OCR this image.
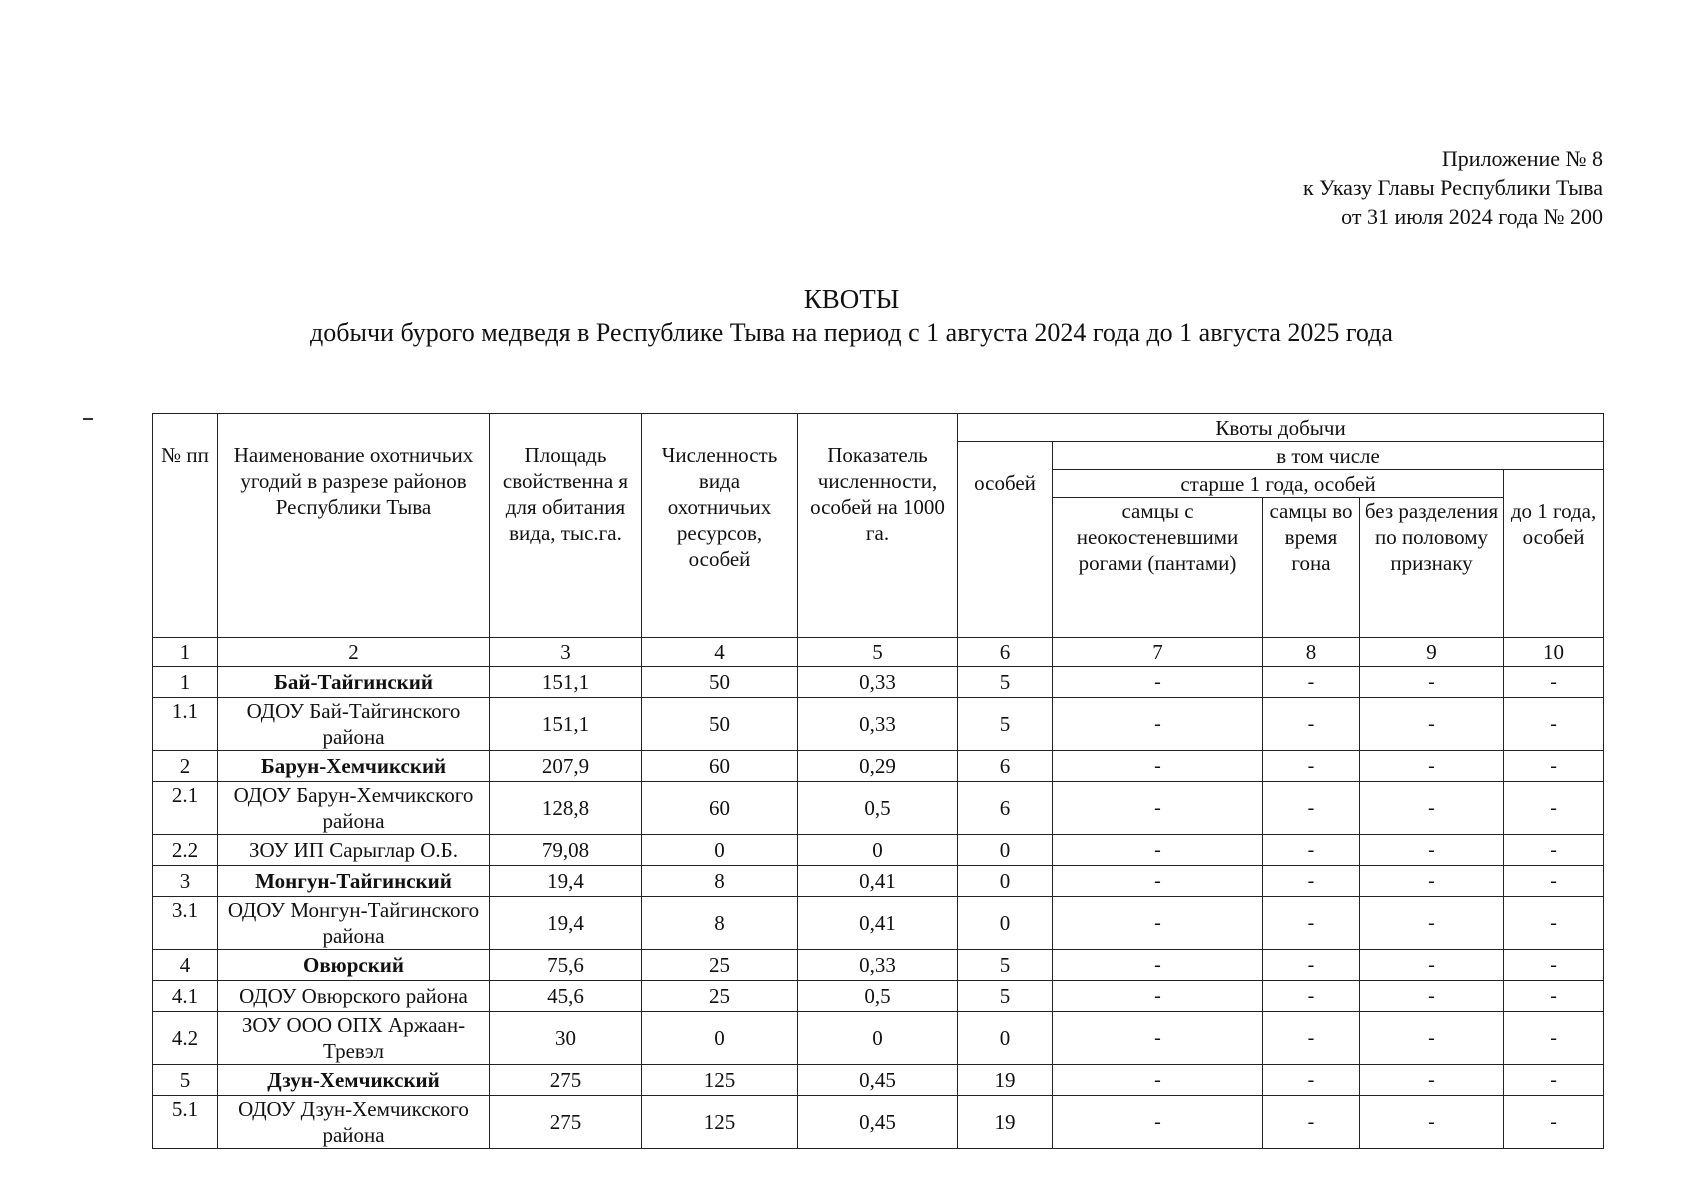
Приложение № 8
к Указу Главы Республики Тыва
от 31 июля 2024 года № 200
КВОТЫ
добычи бурого медведя в Республике Тыва на период с 1 августа 2024 года до 1 августа 2025 года
№ пп	Наименование охотничьих угодий в разрезе районов Республики Тыва	Площадь свойственна я для обитания вида, тыс.га.	Численность вида охотничьих ресурсов, особей	Показатель численности, особей на 1000 га.	Квоты добычи				
					особей	в том числе			
						старше 1 года, особей			до 1 года, особей
						самцы с неокостеневшими рогами (пантами)	самцы во время гона	без разделения по половому признаку	
1	2	3	4	5	6	7	8	9	10
1	Бай-Тайгинский	151,1	50	0,33	5	-	-	-	-
1.1	ОДОУ Бай-Тайгинского района	151,1	50	0,33	5	-	-	-	-
2	Барун-Хемчикский	207,9	60	0,29	6	-	-	-	-
2.1	ОДОУ Барун-Хемчикского района	128,8	60	0,5	6	-	-	-	-
2.2	ЗОУ ИП Сарыглар О.Б.	79,08	0	0	0	-	-	-	-
3	Монгун-Тайгинский	19,4	8	0,41	0	-	-	-	-
3.1	ОДОУ Монгун-Тайгинского района	19,4	8	0,41	0	-	-	-	-
4	Овюрский	75,6	25	0,33	5	-	-	-	-
4.1	ОДОУ Овюрского района	45,6	25	0,5	5	-	-	-	-
4.2	ЗОУ ООО ОПХ Аржаан-Тревэл	30	0	0	0	-	-	-	-
5	Дзун-Хемчикский	275	125	0,45	19	-	-	-	-
5.1	ОДОУ Дзун-Хемчикского района	275	125	0,45	19	-	-	-	-
